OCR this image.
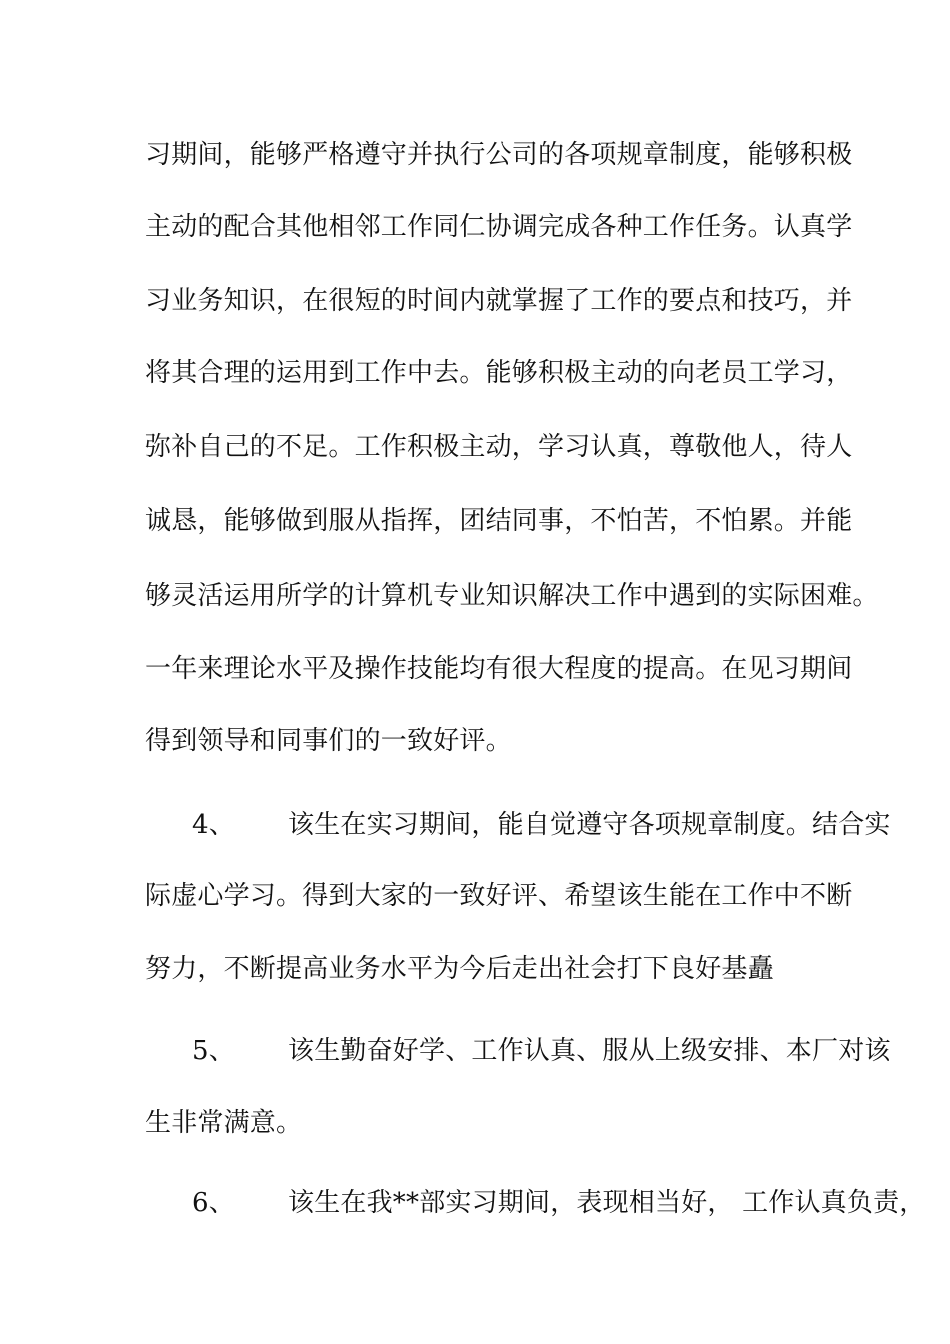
习期间，能够严格遵守并执行公司的各项规章制度，能够积极
主动的配合其他相邻工作同仁协调完成各种工作任务。认真学
习业务知识，在很短的时间内就掌握了工作的要点和技巧，并
将其合理的运用到工作中去。能够积极主动的向老员工学习，
弥补自己的不足。工作积极主动，学习认真，尊敬他人，待人
诚恳，能够做到服从指挥，团结同事，不怕苦，不怕累。并能
够灵活运用所学的计算机专业知识解决工作中遇到的实际困难。
一年来理论水平及操作技能均有很大程度的提高。在见习期间
得到领导和同事们的一致好评。
4、 该生在实习期间，能自觉遵守各项规章制度。结合实
际虚心学习。得到大家的一致好评、希望该生能在工作中不断
努力，不断提高业务水平为今后走出社会打下良好基矗
5、 该生勤奋好学、工作认真、服从上级安排、本厂对该
生非常满意。
6、 该生在我**部实习期间，表现相当好， 工作认真负责，
